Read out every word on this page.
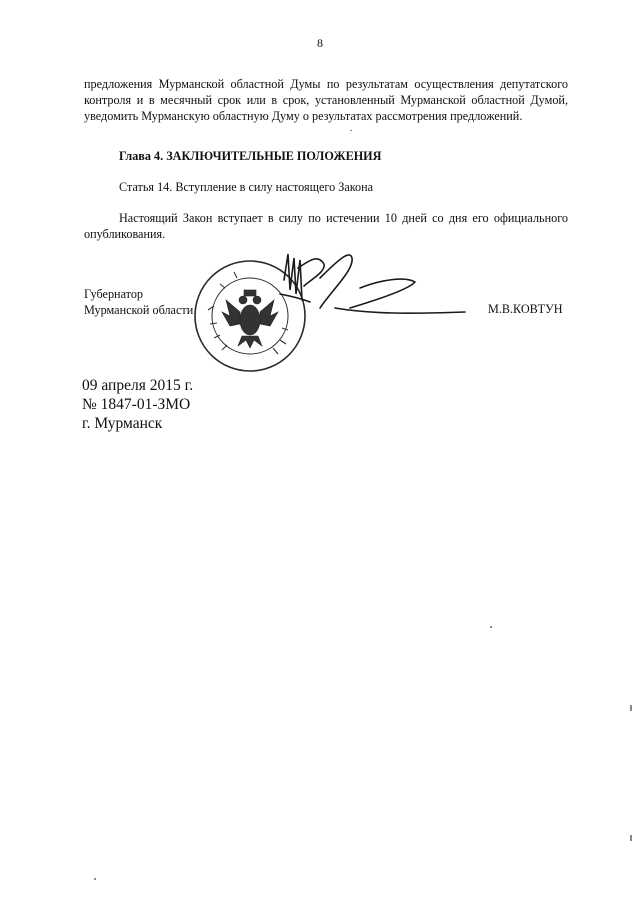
8
предложения Мурманской областной Думы по результатам осуществления депутатского контроля и в месячный срок или в срок, установленный Мурманской областной Думой, уведомить Мурманскую областную Думу о результатах рассмотрения предложений.
Глава 4. ЗАКЛЮЧИТЕЛЬНЫЕ ПОЛОЖЕНИЯ
Статья 14. Вступление в силу настоящего Закона
Настоящий Закон вступает в силу по истечении 10 дней со дня его официального опубликования.
Губернатор
Мурманской области	М.В.КОВТУН
09 апреля 2015 г.
№ 1847-01-ЗМО
г. Мурманск
